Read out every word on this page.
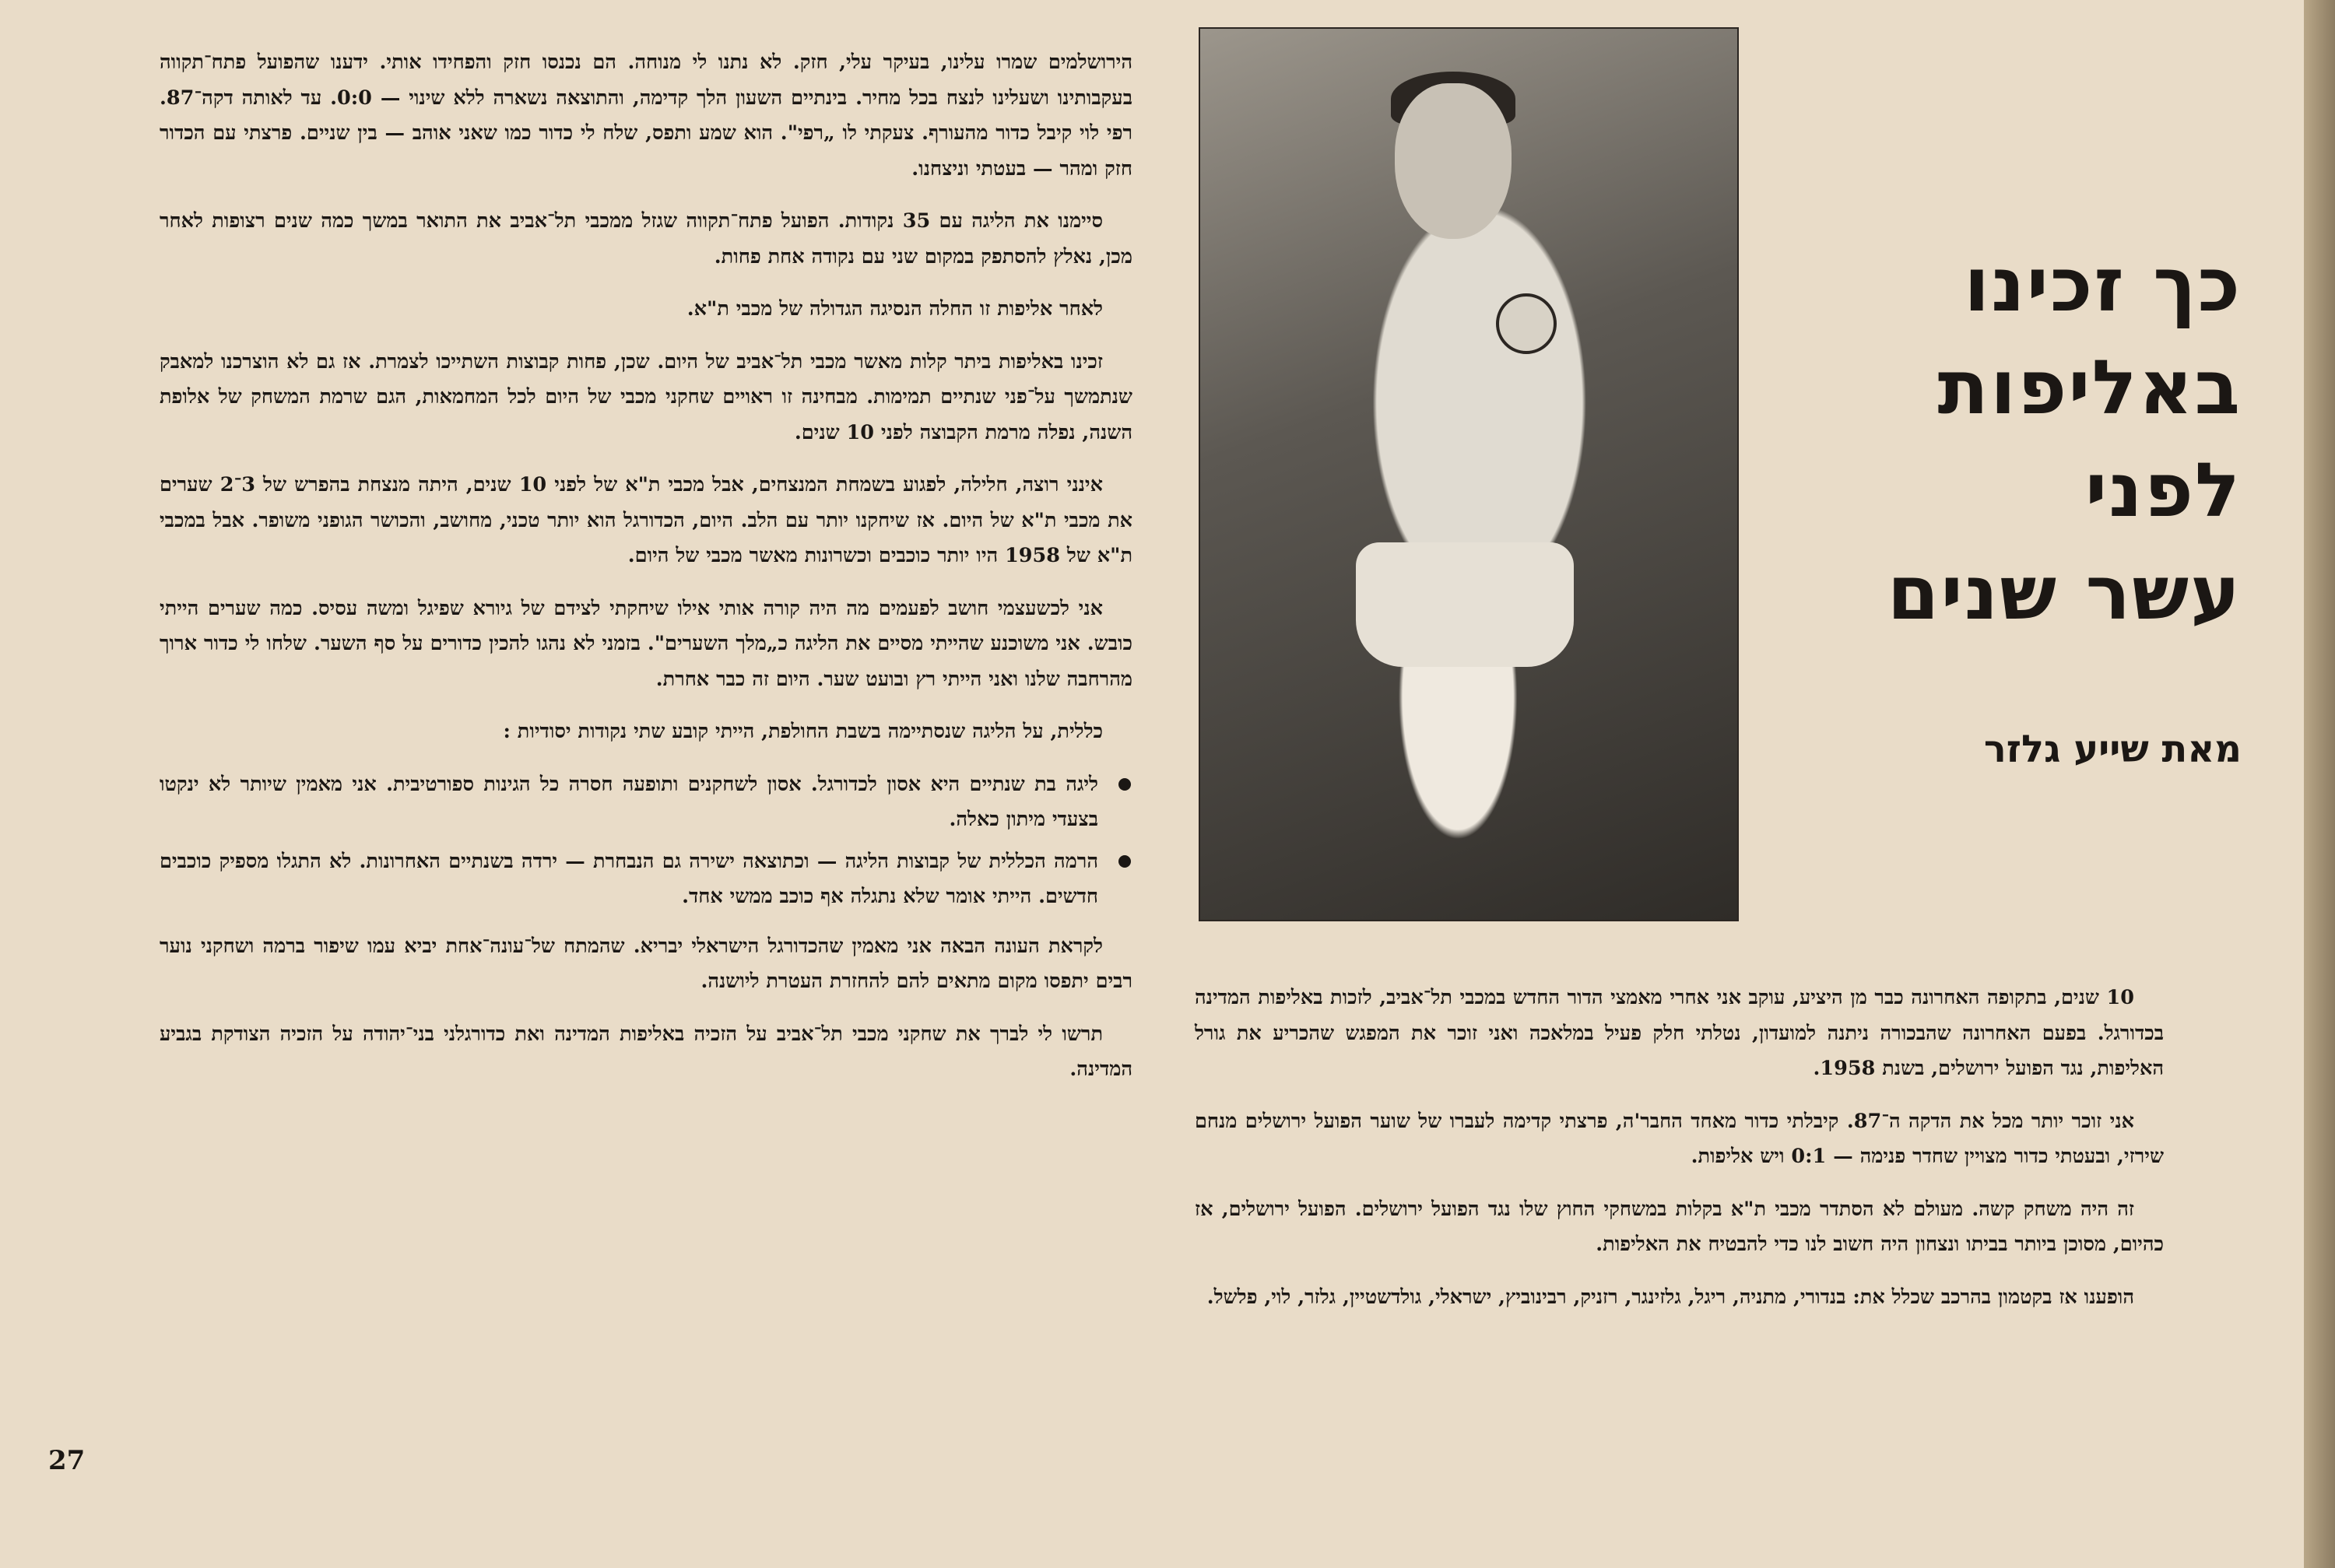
כך זכינו
באליפות
לפני
עשר שנים
מאת שייע גלזר

10 שנים, בתקופה האחרונה כבר מן היציע, עוקב אני אחרי מאמצי הדור החדש במכבי תל־אביב, לזכות באליפות המדינה בכדורגל. בפעם האחרונה שהבכורה ניתנה למועדון, נטלתי חלק פעיל במלאכה ואני זוכר את המפגש שהכריע את גורל האליפות, נגד הפועל ירושלים, בשנת 1958.

אני זוכר יותר מכל את הדקה ה־87. קיבלתי כדור מאחד החבר'ה, פרצתי קדימה לעברו של שוער הפועל ירושלים מנחם שירזי, ובעטתי כדור מצויין שחדר פנימה — 0:1 ויש אליפות.

זה היה משחק קשה. מעולם לא הסתדר מכבי ת"א בקלות במשחקי החוץ שלו נגד הפועל ירושלים. הפועל ירושלים, אז כהיום, מסוכן ביותר בביתו ונצחון היה חשוב לנו כדי להבטיח את האליפות.

הופענו אז בקטמון בהרכב שכלל את: בנדורי, מתניה, ריגל, גלזינגר, רזניק, רבינוביץ, ישראלי, גולדשטיין, גלזר, לוי, פלשל.

הירושלמים שמרו עלינו, בעיקר עלי, חזק. לא נתנו לי מנוחה. הם נכנסו חזק והפחידו אותי. ידענו שהפועל פתח־תקווה בעקבותינו ושעלינו לנצח בכל מחיר. בינתיים השעון הלך קדימה, והתוצאה נשארה ללא שינוי — 0:0. עד לאותה דקה־87. רפי לוי קיבל כדור מהעורף. צעקתי לו „רפי". הוא שמע ותפס, שלח לי כדור כמו שאני אוהב — בין שניים. פרצתי עם הכדור חזק ומהר — בעטתי וניצחנו.

סיימנו את הליגה עם 35 נקודות. הפועל פתח־תקווה שגזל ממכבי תל־אביב את התואר במשך כמה שנים רצופות לאחר מכן, נאלץ להסתפק במקום שני עם נקודה אחת פחות.

לאחר אליפות זו החלה הנסיגה הגדולה של מכבי ת"א.

זכינו באליפות ביתר קלות מאשר מכבי תל־אביב של היום. שכן, פחות קבוצות השתייכו לצמרת. אז גם לא הוצרכנו למאבק שנתמשך על־פני שנתיים תמימות. מבחינה זו ראויים שחקני מכבי של היום לכל המחמאות, הגם שרמת המשחק של אלופת השנה, נפלה מרמת הקבוצה לפני 10 שנים.

אינני רוצה, חלילה, לפגוע בשמחת המנצחים, אבל מכבי ת"א של לפני 10 שנים, היתה מנצחת בהפרש של 3־2 שערים את מכבי ת"א של היום. אז שיחקנו יותר עם הלב. היום, הכדורגל הוא יותר טכני, מחושב, והכושר הגופני משופר. אבל במכבי ת"א של 1958 היו יותר כוכבים וכשרונות מאשר מכבי של היום.

אני לכשעצמי חושב לפעמים מה היה קורה אותי אילו שיחקתי לצידם של גיורא שפיגל ומשה עסיס. כמה שערים הייתי כובש. אני משוכנע שהייתי מסיים את הליגה כ„מלך השערים". בזמני לא נהגו להכין כדורים על סף השער. שלחו לי כדור ארוך מהרחבה שלנו ואני הייתי רץ ובועט שער. היום זה כבר אחרת.

כללית, על הליגה שנסתיימה בשבת החולפת, הייתי קובע שתי נקודות יסודיות :

ליגה בת שנתיים היא אסון לכדורגל. אסון לשחקנים ותופעה חסרה כל הגינות ספורטיבית. אני מאמין שיותר לא ינקטו בצעדי מיתון כאלה.
הרמה הכללית של קבוצות הליגה — וכתוצאה ישירה גם הנבחרת — ירדה בשנתיים האחרונות. לא התגלו מספיק כוכבים חדשים. הייתי אומר שלא נתגלה אף כוכב ממשי אחד.

לקראת העונה הבאה אני מאמין שהכדורגל הישראלי יבריא. שהמתח של־עונה־אחת יביא עמו שיפור ברמה ושחקני נוער רבים יתפסו מקום מתאים להם להחזרת העטרת ליושנה.

תרשו לי לברך את שחקני מכבי תל־אביב על הזכיה באליפות המדינה ואת כדורגלני בני־יהודה על הזכיה הצודקת בגביע המדינה.

27
